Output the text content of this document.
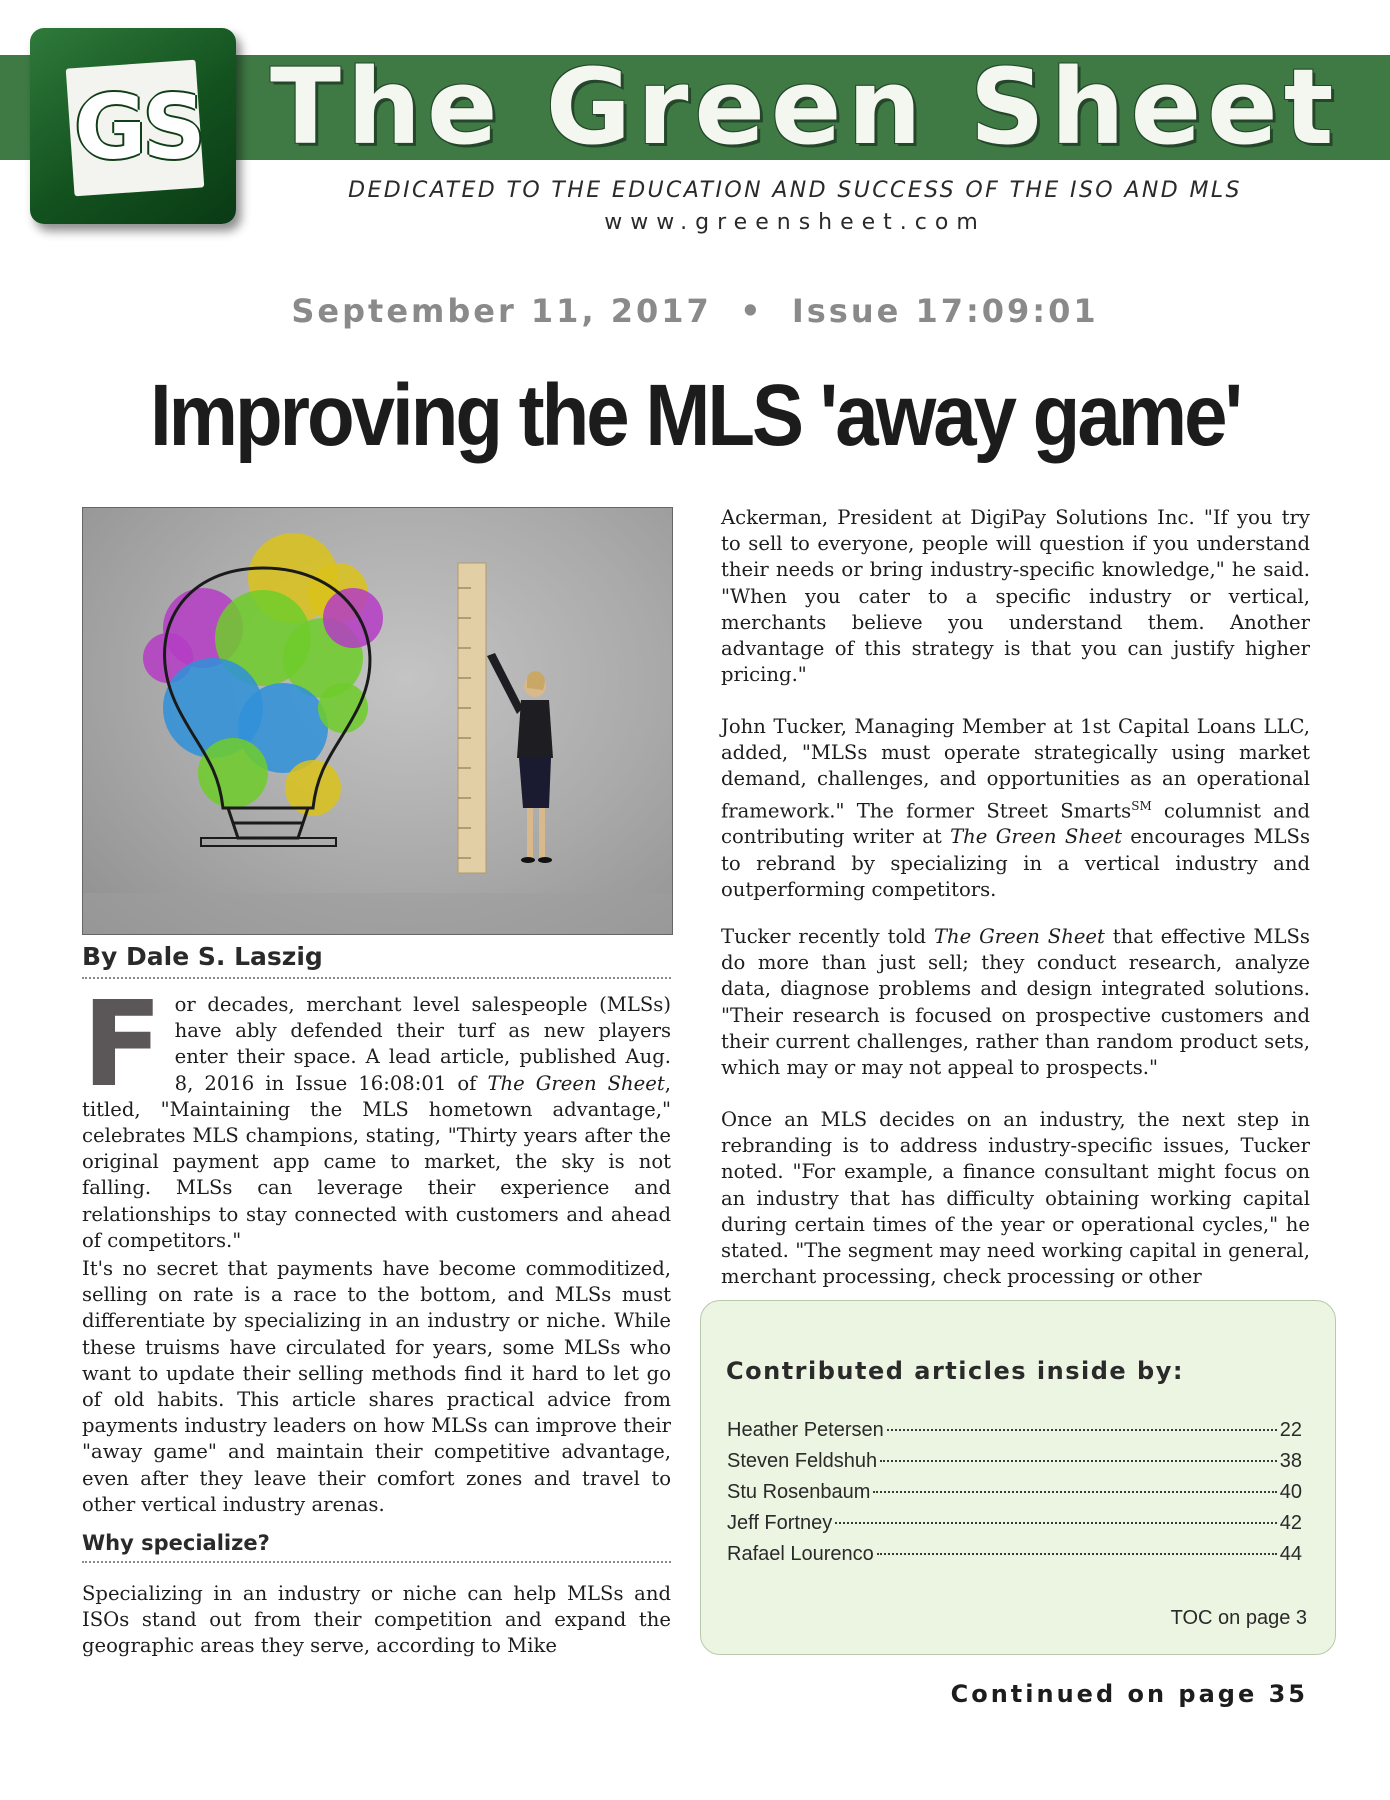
The Green Sheet
GS
DEDICATED TO THE EDUCATION AND SUCCESS OF THE ISO AND MLS
www.greensheet.com
September 11, 2017  •  Issue 17:09:01
Improving the MLS 'away game'
By Dale S. Laszig

For decades, merchant level salespeople (MLSs) have ably defended their turf as new players enter their space. A lead article, published Aug. 8, 2016 in Issue 16:08:01 of The Green Sheet, titled, "Maintaining the MLS hometown advantage," celebrates MLS champions, stating, "Thirty years after the original payment app came to market, the sky is not falling. MLSs can leverage their experience and relationships to stay connected with customers and ahead of competitors."

It's no secret that payments have become commoditized, selling on rate is a race to the bottom, and MLSs must differentiate by specializing in an industry or niche. While these truisms have circulated for years, some MLSs who want to update their selling methods find it hard to let go of old habits. This article shares practical advice from payments industry leaders on how MLSs can improve their "away game" and maintain their competitive advantage, even after they leave their comfort zones and travel to other vertical industry arenas.

Why specialize?

Specializing in an industry or niche can help MLSs and ISOs stand out from their competition and expand the geographic areas they serve, according to Mike

Ackerman, President at DigiPay Solutions Inc. "If you try to sell to everyone, people will question if you understand their needs or bring industry-specific knowledge," he said. "When you cater to a specific industry or vertical, merchants believe you understand them. Another advantage of this strategy is that you can justify higher pricing."

John Tucker, Managing Member at 1st Capital Loans LLC, added, "MLSs must operate strategically using market demand, challenges, and opportunities as an operational framework." The former Street Smarts℠ columnist and contributing writer at The Green Sheet encourages MLSs to rebrand by specializing in a vertical industry and outperforming competitors.

Tucker recently told The Green Sheet that effective MLSs do more than just sell; they conduct research, analyze data, diagnose problems and design integrated solutions. "Their research is focused on prospective customers and their current challenges, rather than random product sets, which may or may not appeal to prospects."

Once an MLS decides on an industry, the next step in rebranding is to address industry-specific issues, Tucker noted. "For example, a finance consultant might focus on an industry that has difficulty obtaining working capital during certain times of the year or operational cycles," he stated. "The segment may need working capital in general, merchant processing, check processing or other

Contributed articles inside by:
Heather Petersen	22
Steven Feldshuh	38
Stu Rosenbaum	40
Jeff Fortney	42
Rafael Lourenco	44
TOC on page 3
Continued on page 35
